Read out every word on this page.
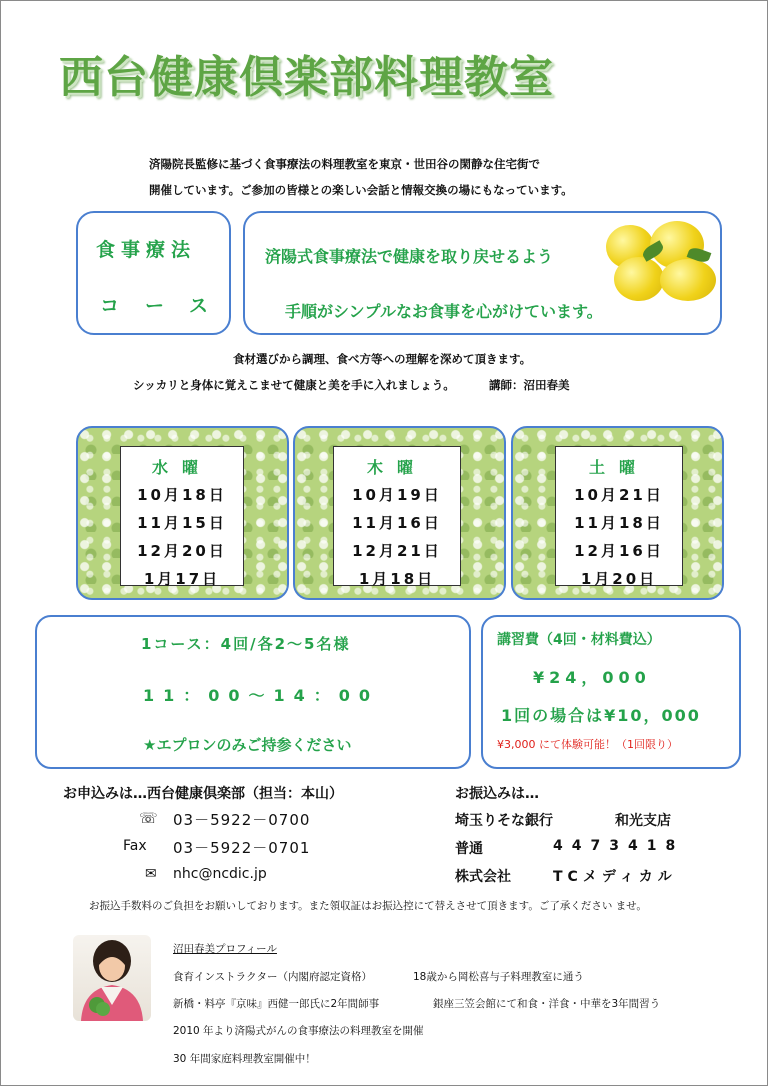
西台健康倶楽部料理教室
済陽院長監修に基づく食事療法の料理教室を東京・世田谷の閑静な住宅街で
開催しています。ご参加の皆様との楽しい会話と情報交換の場にもなっています。
食事療法
コース
済陽式食事療法で健康を取り戻せるよう
手順がシンプルなお食事を心がけています。
食材選びから調理、食べ方等への理解を深めて頂きます。
シッカリと身体に覚えこませて健康と美を手に入れましょう。	講師：沼田春美
水曜
10月18日
11月15日
12月20日
1月17日
木曜
10月19日
11月16日
12月21日
1月18日
土曜
10月21日
11月18日
12月16日
1月20日
1コース：4回/各2～5名様
11：00～14：00
★エプロンのみご持参ください
講習費（4回・材料費込）
¥24，000
1回の場合は¥10，000
¥3,000 にて体験可能！（1回限り）
お申込みは…西台健康倶楽部（担当：本山）
☏ 03－5922－0700
Fax 03－5922－0701
✉ nhc@ncdic.jp
お振込みは…
埼玉りそな銀行	和光支店
普通	4473418
株式会社	TCメディカル
お振込手数料のご負担をお願いしております。また領収証はお振込控にて替えさせて頂きます。ご了承ください ませ。
沼田春美プロフィール
食育インストラクター（内閣府認定資格）	18歳から岡松喜与子料理教室に通う
新橋・料亭『京味』西健一郎氏に2年間師事	銀座三笠会館にて和食・洋食・中華を3年間習う
2010 年より済陽式がんの食事療法の料理教室を開催
30 年間家庭料理教室開催中！
